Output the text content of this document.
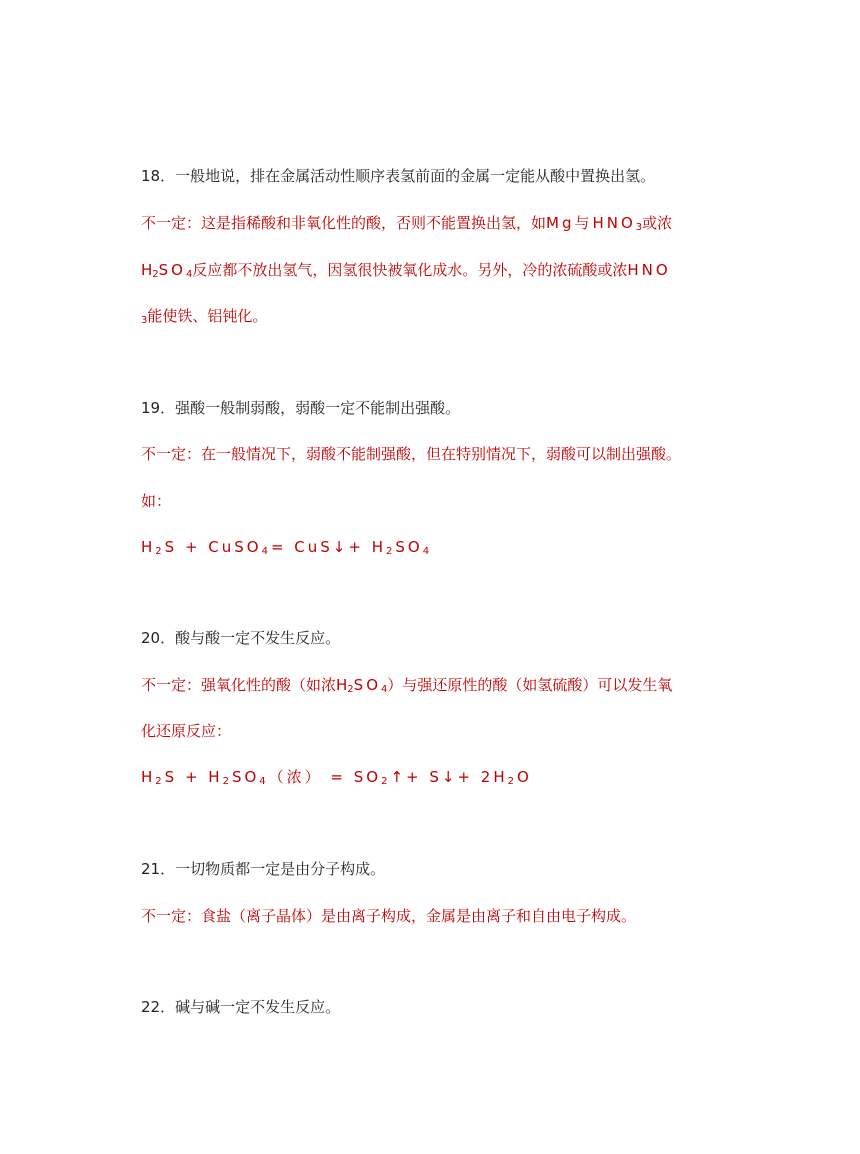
18．一般地说，排在金属活动性顺序表氢前面的金属一定能从酸中置换出氢。
不一定：这是指稀酸和非氧化性的酸，否则不能置换出氢，如Mg与$HNO_3$或浓
$H_2SO_4$反应都不放出氢气，因氢很快被氧化成水。另外，冷的浓硫酸或浓HNO
$_3$能使铁、铝钝化。
19．强酸一般制弱酸，弱酸一定不能制出强酸。
不一定：在一般情况下，弱酸不能制强酸，但在特别情况下，弱酸可以制出强酸。
如：
$H_2S$ + CuSO$_4$= CuS↓+ $H_2SO_4$
20．酸与酸一定不发生反应。
不一定：强氧化性的酸（如浓$H_2SO_4$）与强还原性的酸（如氢硫酸）可以发生氧
化还原反应：
$H_2S + H_2SO_4$（浓） = $SO_2↑+$ S↓+ $2H_2O$
21．一切物质都一定是由分子构成。
不一定：食盐（离子晶体）是由离子构成，金属是由离子和自由电子构成。
22．碱与碱一定不发生反应。
